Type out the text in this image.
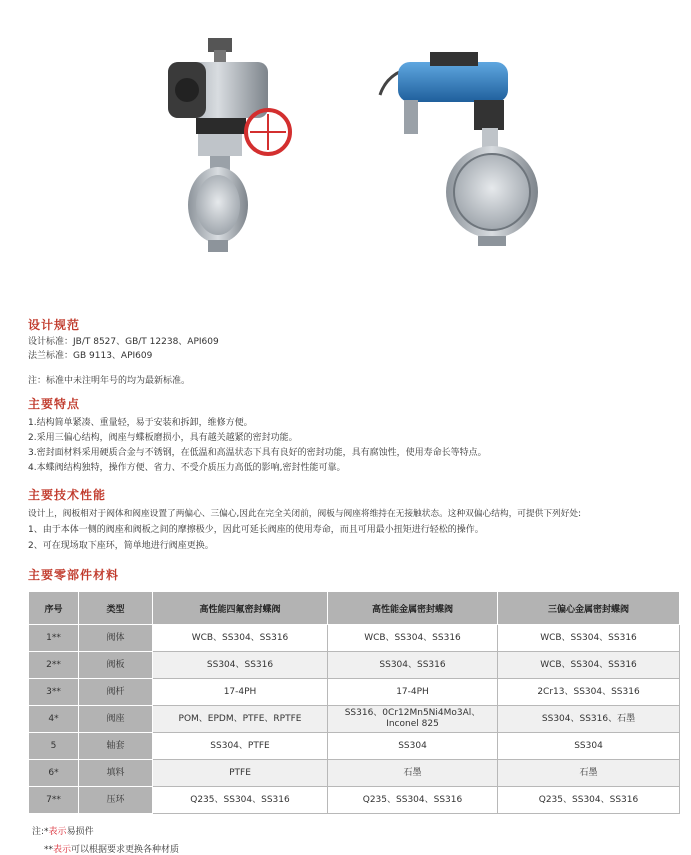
设计规范
设计标准：JB/T 8527、GB/T 12238、API609
法兰标准：GB 9113、API609
注：标准中未注明年号的均为最新标准。
主要特点
1.结构简单紧凑、重量轻，易于安装和拆卸，维修方便。
2.采用三偏心结构，阀座与蝶板磨损小，具有越关越紧的密封功能。
3.密封面材料采用硬质合金与不锈钢，在低温和高温状态下具有良好的密封功能，具有腐蚀性，使用寿命长等特点。
4.本蝶阀结构独特，操作方便、省力、不受介质压力高低的影响,密封性能可靠。
主要技术性能
设计上，阀板相对于阀体和阀座设置了两偏心、三偏心,因此在完全关闭前，阀板与阀座将维持在无接触状态。这种双偏心结构，可提供下列好处:
1、由于本体一侧的阀座和阀板之间的摩擦极少，因此可延长阀座的使用寿命，而且可用最小扭矩进行轻松的操作。
2、可在现场取下座环，简单地进行阀座更换。
主要零部件材料
序号	类型	高性能四氟密封蝶阀	高性能金属密封蝶阀	三偏心金属密封蝶阀
1**	阀体	WCB、SS304、SS316	WCB、SS304、SS316	WCB、SS304、SS316
2**	阀板	SS304、SS316	SS304、SS316	WCB、SS304、SS316
3**	阀杆	17-4PH	17-4PH	2Cr13、SS304、SS316
4*	阀座	POM、EPDM、PTFE、RPTFE	SS316、0Cr12Mn5Ni4Mo3Al、Inconel 825	SS304、SS316、石墨
5	轴套	SS304、PTFE	SS304	SS304
6*	填料	PTFE	石墨	石墨
7**	压环	Q235、SS304、SS316	Q235、SS304、SS316	Q235、SS304、SS316
注:*表示易损件
**表示可以根据要求更换各种材质
